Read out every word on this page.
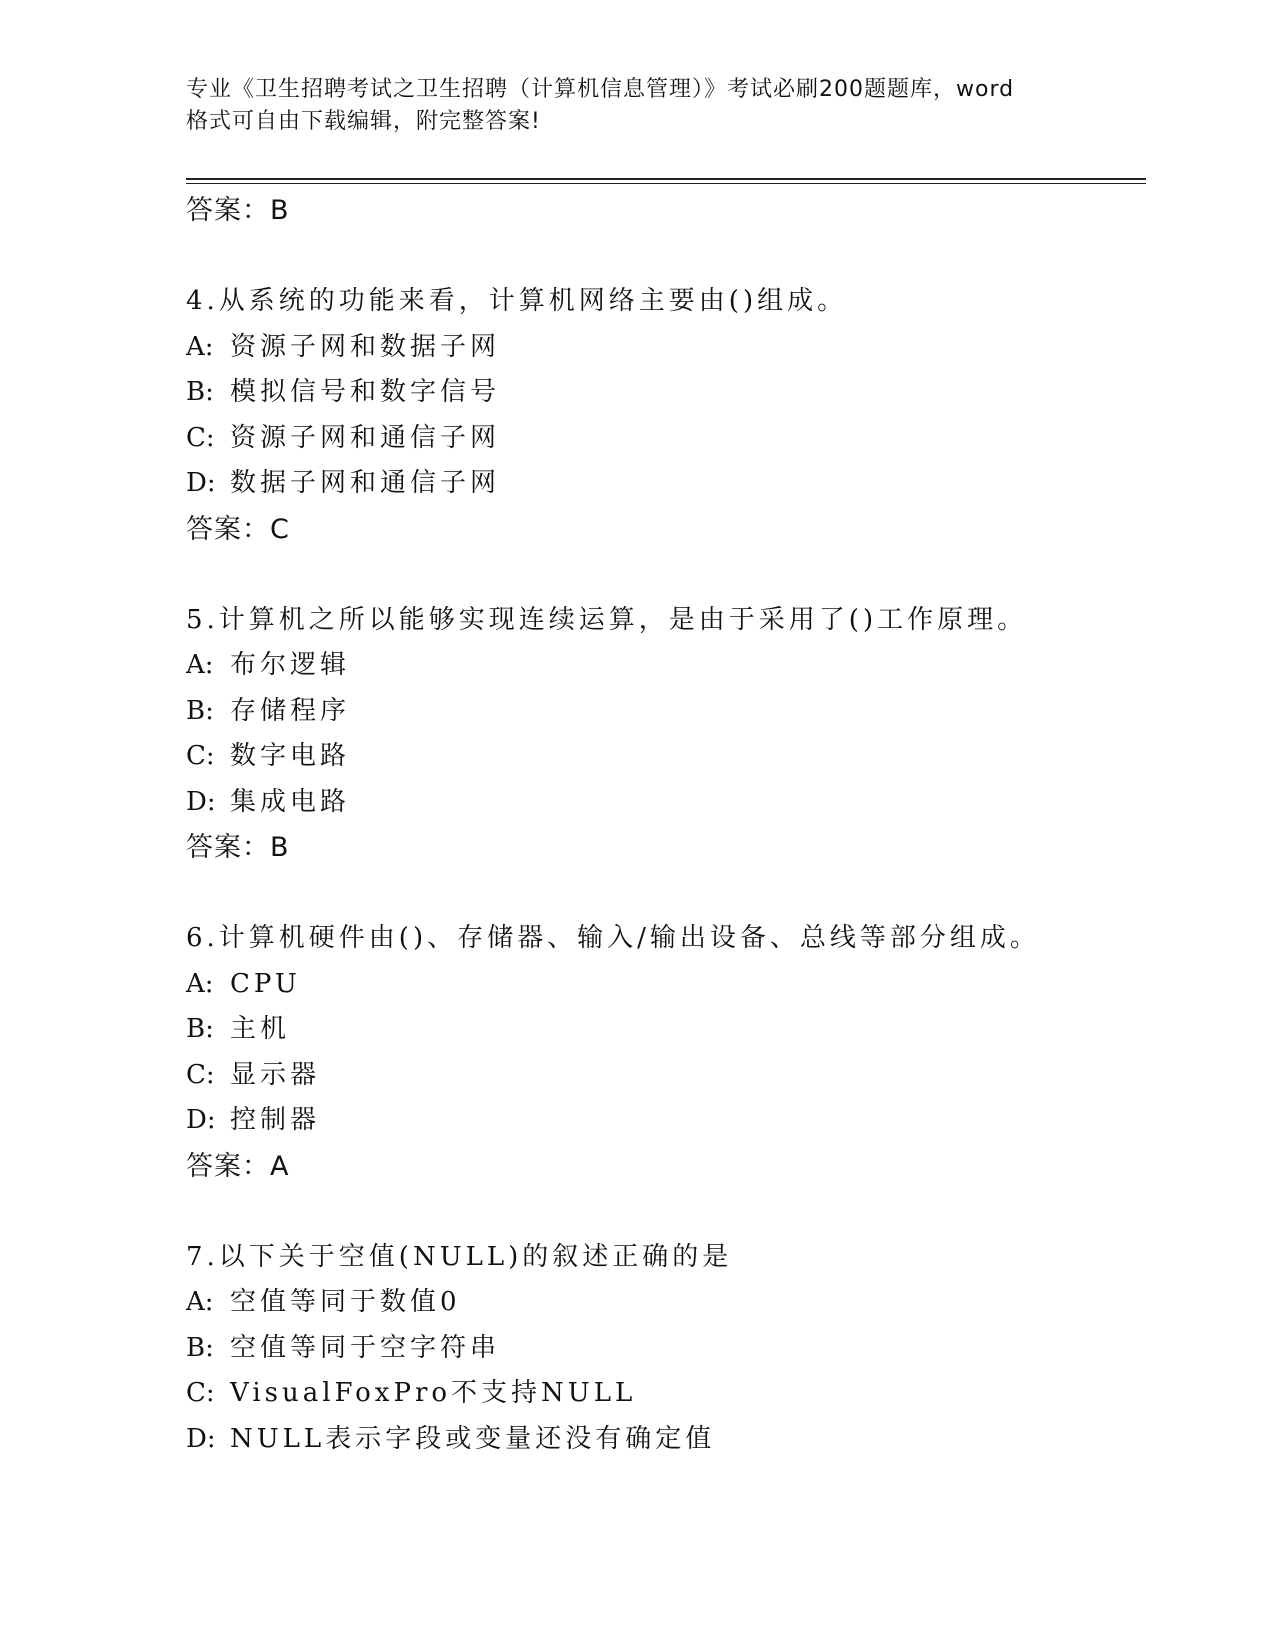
专业《卫生招聘考试之卫生招聘（计算机信息管理）》考试必刷200题题库，word
格式可自由下载编辑，附完整答案!
答案：B
4.从系统的功能来看，计算机网络主要由()组成。
A: 资源子网和数据子网
B: 模拟信号和数字信号
C: 资源子网和通信子网
D: 数据子网和通信子网
答案：C
5.计算机之所以能够实现连续运算，是由于采用了()工作原理。
A: 布尔逻辑
B: 存储程序
C: 数字电路
D: 集成电路
答案：B
6.计算机硬件由()、存储器、输入/输出设备、总线等部分组成。
A: CPU
B: 主机
C: 显示器
D: 控制器
答案：A
7.以下关于空值(NULL)的叙述正确的是
A: 空值等同于数值0
B: 空值等同于空字符串
C: VisualFoxPro不支持NULL
D: NULL表示字段或变量还没有确定值
